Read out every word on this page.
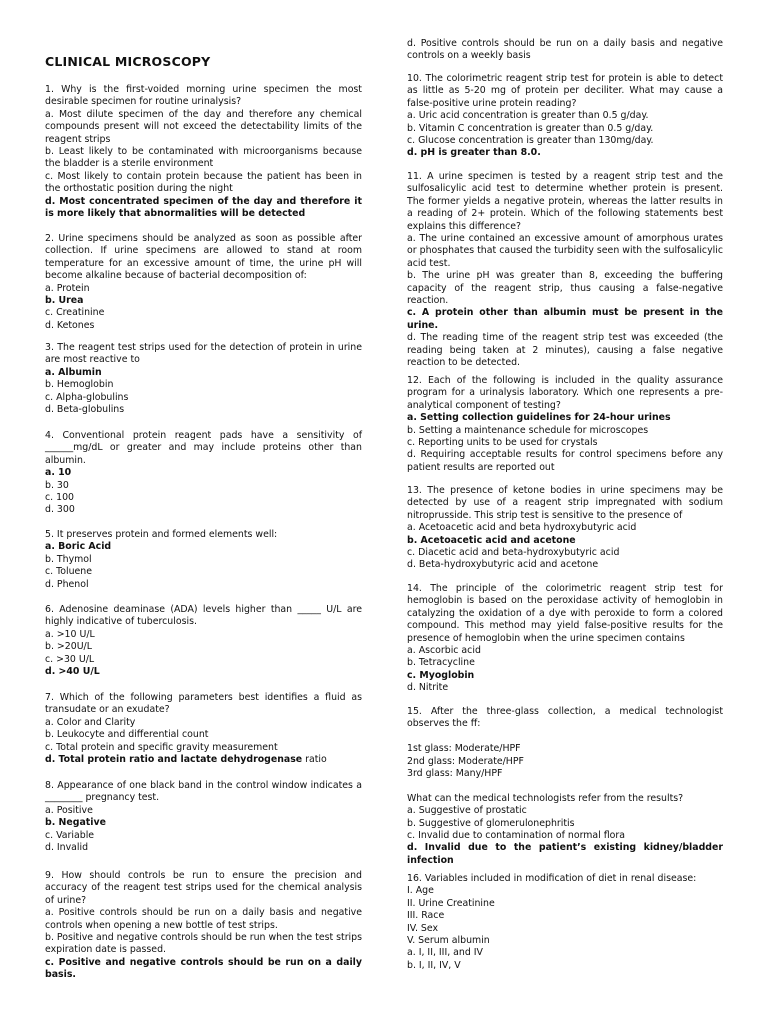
CLINICAL MICROSCOPY

1. Why is the first-voided morning urine specimen the most desirable specimen for routine urinalysis?

a. Most dilute specimen of the day and therefore any chemical compounds present will not exceed the detectability limits of the reagent strips

b. Least likely to be contaminated with microorganisms because the bladder is a sterile environment

c. Most likely to contain protein because the patient has been in the orthostatic position during the night

d. Most concentrated specimen of the day and therefore it is more likely that abnormalities will be detected

2. Urine specimens should be analyzed as soon as possible after collection. If urine specimens are allowed to stand at room temperature for an excessive amount of time, the urine pH will become alkaline because of bacterial decomposition of:

a. Protein

b. Urea

c. Creatinine

d. Ketones

3. The reagent test strips used for the detection of protein in urine are most reactive to

a. Albumin

b. Hemoglobin

c. Alpha-globulins

d. Beta-globulins

4. Conventional protein reagent pads have a sensitivity of ______mg/dL or greater and may include proteins other than albumin.

a. 10

b. 30

c. 100

d. 300

5. It preserves protein and formed elements well:

a. Boric Acid

b. Thymol

c. Toluene

d. Phenol

6. Adenosine deaminase (ADA) levels higher than _____ U/L are highly indicative of tuberculosis.

a. >10 U/L

b. >20U/L

c. >30 U/L

d. >40 U/L

7. Which of the following parameters best identifies a fluid as transudate or an exudate?

a. Color and Clarity

b. Leukocyte and differential count

c. Total protein and specific gravity measurement

d. Total protein ratio and lactate dehydrogenase ratio

8. Appearance of one black band in the control window indicates a ________ pregnancy test.

a. Positive

b. Negative

c. Variable

d. Invalid

9. How should controls be run to ensure the precision and accuracy of the reagent test strips used for the chemical analysis of urine?

a. Positive controls should be run on a daily basis and negative controls when opening a new bottle of test strips.

b. Positive and negative controls should be run when the test strips expiration date is passed.

c. Positive and negative controls should be run on a daily basis.

d. Positive controls should be run on a daily basis and negative controls on a weekly basis

10. The colorimetric reagent strip test for protein is able to detect as little as 5-20 mg of protein per deciliter. What may cause a false-positive urine protein reading?

a. Uric acid concentration is greater than 0.5 g/day.

b. Vitamin C concentration is greater than 0.5 g/day.

c. Glucose concentration is greater than 130mg/day.

d. pH is greater than 8.0.

11. A urine specimen is tested by a reagent strip test and the sulfosalicylic acid test to determine whether protein is present. The former yields a negative protein, whereas the latter results in a reading of 2+ protein. Which of the following statements best explains this difference?

a. The urine contained an excessive amount of amorphous urates or phosphates that caused the turbidity seen with the sulfosalicylic acid test.

b. The urine pH was greater than 8, exceeding the buffering capacity of the reagent strip, thus causing a false-negative reaction.

c. A protein other than albumin must be present in the urine.

d. The reading time of the reagent strip test was exceeded (the reading being taken at 2 minutes), causing a false negative reaction to be detected.

12. Each of the following is included in the quality assurance program for a urinalysis laboratory. Which one represents a pre-analytical component of testing?

a. Setting collection guidelines for 24-hour urines

b. Setting a maintenance schedule for microscopes

c. Reporting units to be used for crystals

d. Requiring acceptable results for control specimens before any patient results are reported out

13. The presence of ketone bodies in urine specimens may be detected by use of a reagent strip impregnated with sodium nitroprusside. This strip test is sensitive to the presence of

a. Acetoacetic acid and beta hydroxybutyric acid

b. Acetoacetic acid and acetone

c. Diacetic acid and beta-hydroxybutyric acid

d. Beta-hydroxybutyric acid and acetone

14. The principle of the colorimetric reagent strip test for hemoglobin is based on the peroxidase activity of hemoglobin in catalyzing the oxidation of a dye with peroxide to form a colored compound. This method may yield false-positive results for the presence of hemoglobin when the urine specimen contains

a. Ascorbic acid

b. Tetracycline

c. Myoglobin

d. Nitrite

15. After the three-glass collection, a medical technologist observes the ff:

1st glass: Moderate/HPF

2nd glass: Moderate/HPF

3rd glass: Many/HPF

What can the medical technologists refer from the results?

a. Suggestive of prostatic

b. Suggestive of glomerulonephritis

c. Invalid due to contamination of normal flora

d. Invalid due to the patient’s existing kidney/bladder infection

16. Variables included in modification of diet in renal disease:

I. Age

II. Urine Creatinine

III. Race

IV. Sex

V. Serum albumin

a. I, II, III, and IV

b. I, II, IV, V
